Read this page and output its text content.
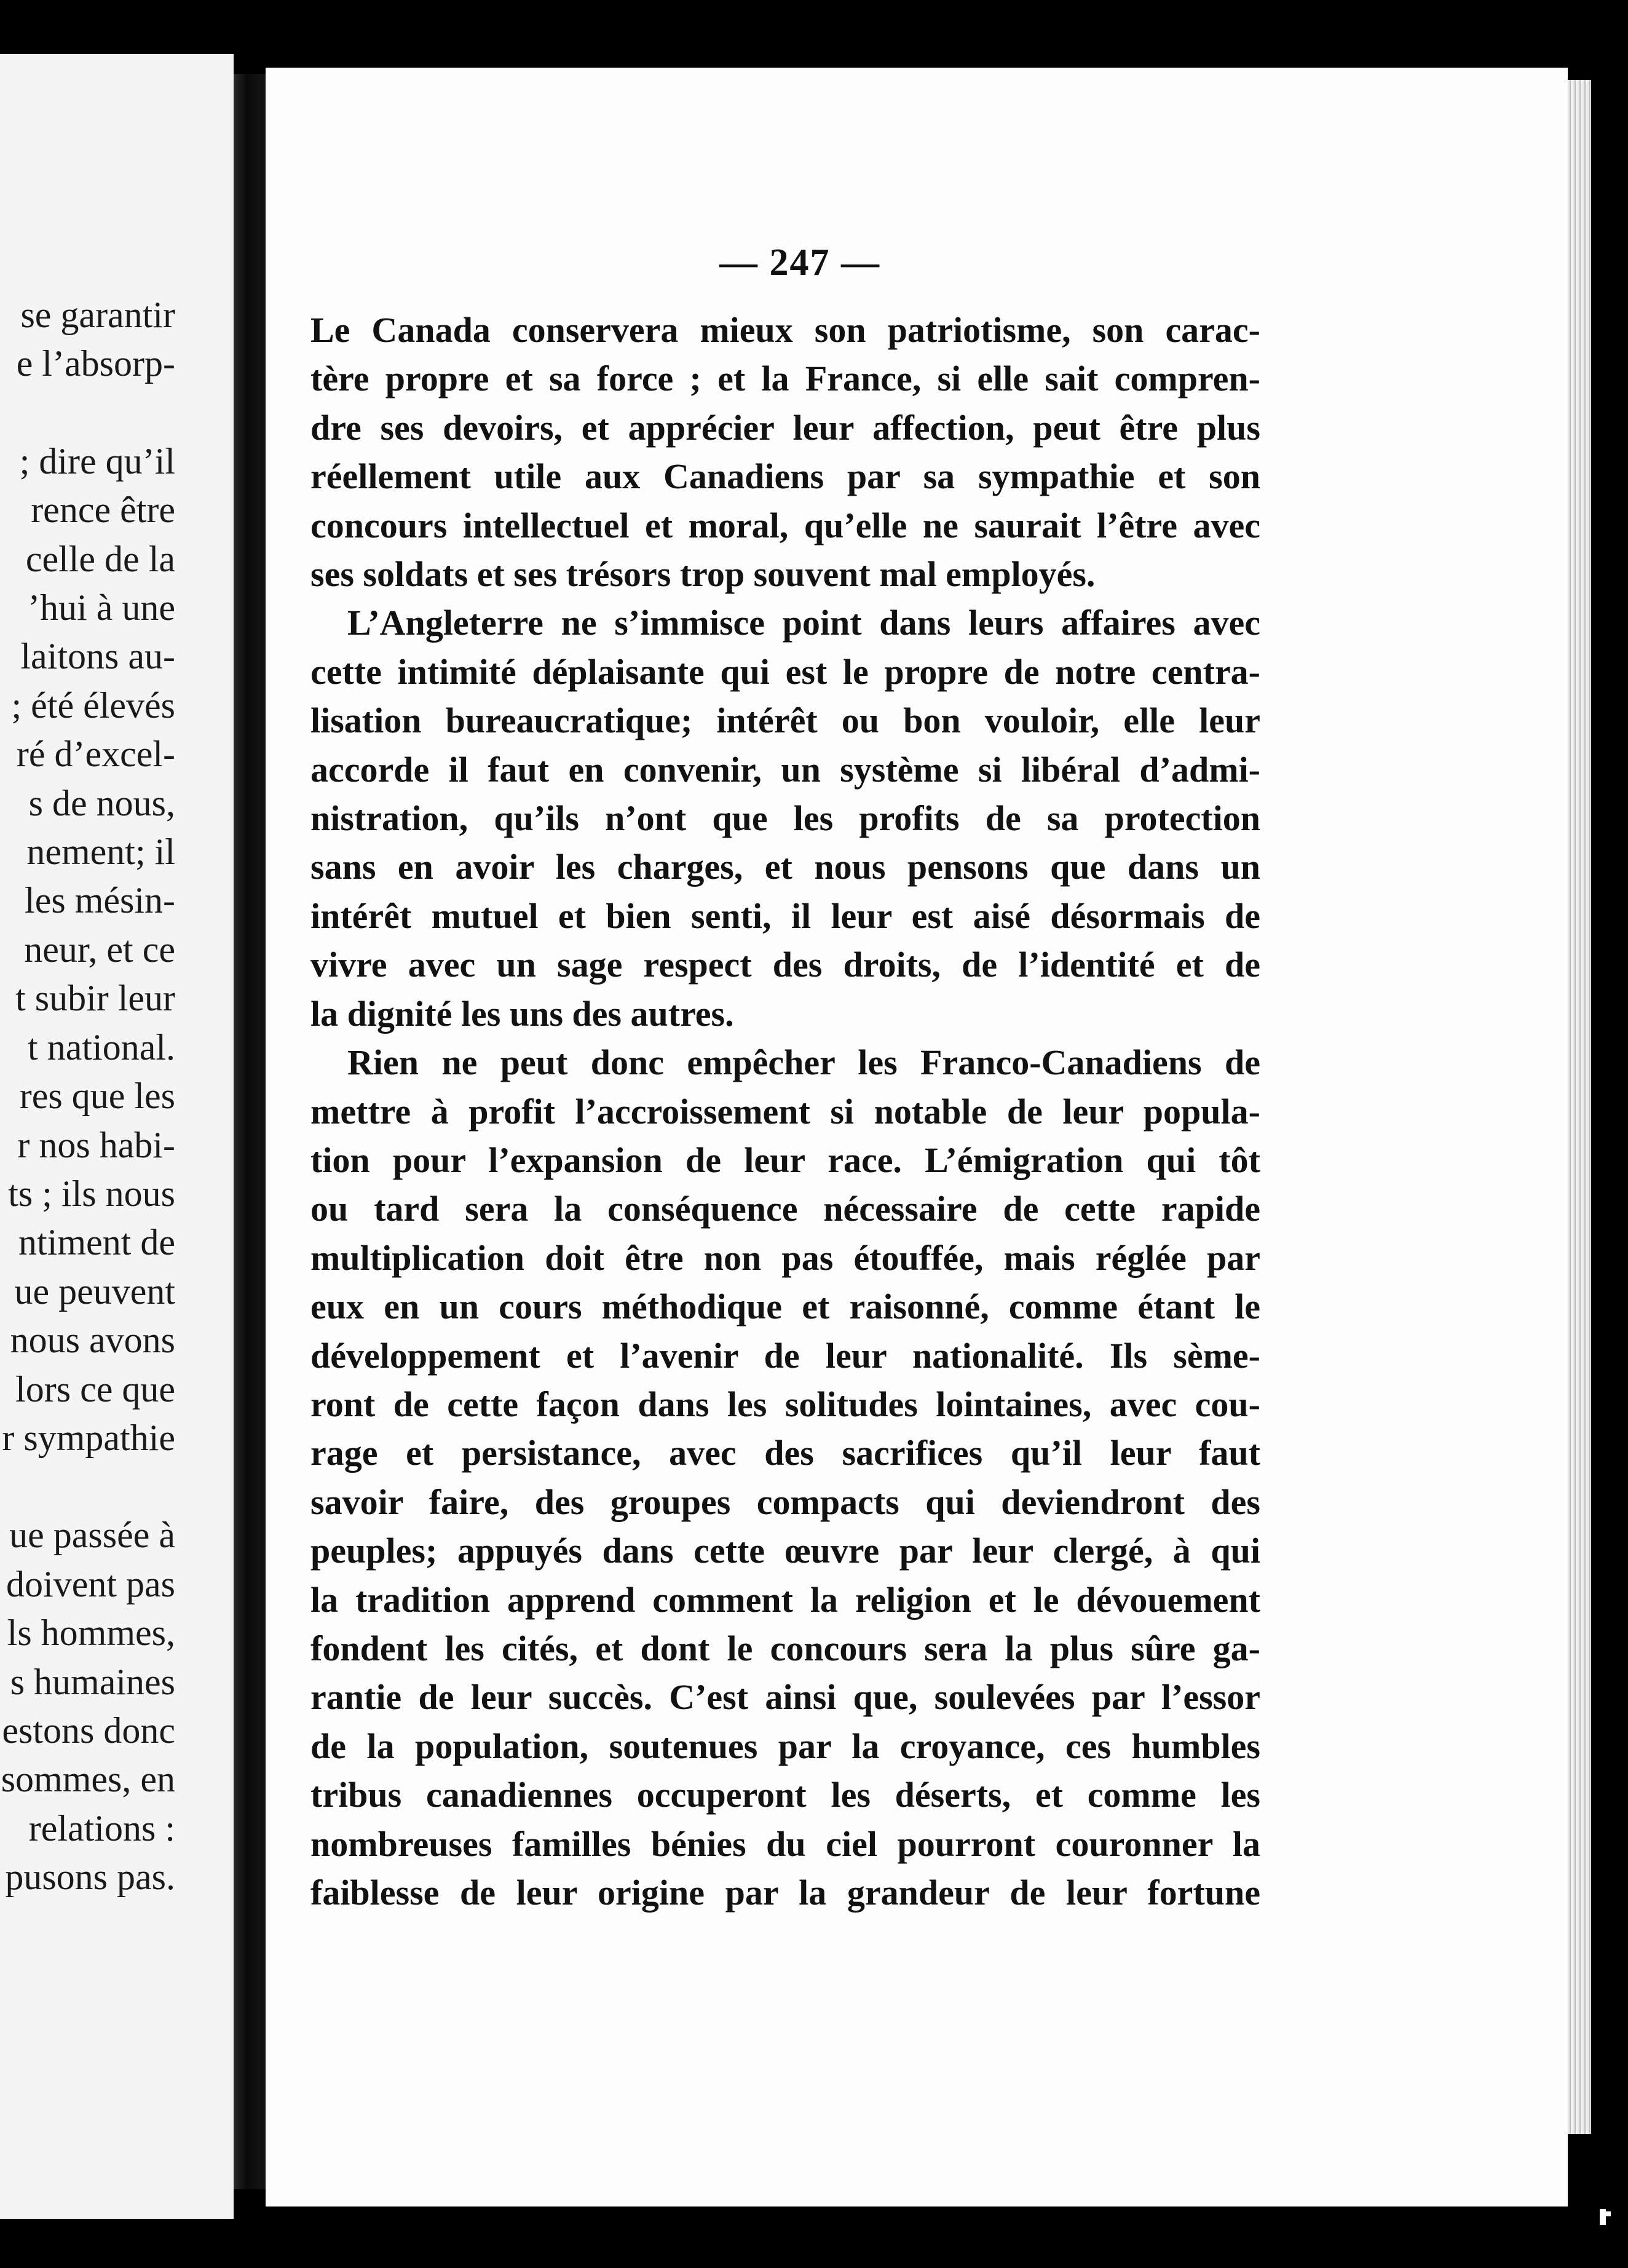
se garantir
e l’absorp-
; dire qu’il
rence être
celle de la
’hui à une
laitons au-
; été élevés
ré d’excel-
s de nous,
nement; il
les mésin-
neur, et ce
t subir leur
t national.
res que les
r nos habi-
ts ; ils nous
ntiment de
ue peuvent
nous avons
lors ce que
r sympathie
ue passée à
doivent pas
ls hommes,
s humaines
estons donc
sommes, en
relations :
pusons pas.
— 247 —
Le Canada conservera mieux son patriotisme, son carac-
tère propre et sa force ; et la France, si elle sait compren-
dre ses devoirs, et apprécier leur affection, peut être plus
réellement utile aux Canadiens par sa sympathie et son
concours intellectuel et moral, qu’elle ne saurait l’être avec
ses soldats et ses trésors trop souvent mal employés.
L’Angleterre ne s’immisce point dans leurs affaires avec
cette intimité déplaisante qui est le propre de notre centra-
lisation bureaucratique; intérêt ou bon vouloir, elle leur
accorde il faut en convenir, un système si libéral d’admi-
nistration, qu’ils n’ont que les profits de sa protection
sans en avoir les charges, et nous pensons que dans un
intérêt mutuel et bien senti, il leur est aisé désormais de
vivre avec un sage respect des droits, de l’identité et de
la dignité les uns des autres.
Rien ne peut donc empêcher les Franco-Canadiens de
mettre à profit l’accroissement si notable de leur popula-
tion pour l’expansion de leur race. L’émigration qui tôt
ou tard sera la conséquence nécessaire de cette rapide
multiplication doit être non pas étouffée, mais réglée par
eux en un cours méthodique et raisonné, comme étant le
développement et l’avenir de leur nationalité. Ils sème-
ront de cette façon dans les solitudes lointaines, avec cou-
rage et persistance, avec des sacrifices qu’il leur faut
savoir faire, des groupes compacts qui deviendront des
peuples; appuyés dans cette œuvre par leur clergé, à qui
la tradition apprend comment la religion et le dévouement
fondent les cités, et dont le concours sera la plus sûre ga-
rantie de leur succès. C’est ainsi que, soulevées par l’essor
de la population, soutenues par la croyance, ces humbles
tribus canadiennes occuperont les déserts, et comme les
nombreuses familles bénies du ciel pourront couronner la
faiblesse de leur origine par la grandeur de leur fortune
